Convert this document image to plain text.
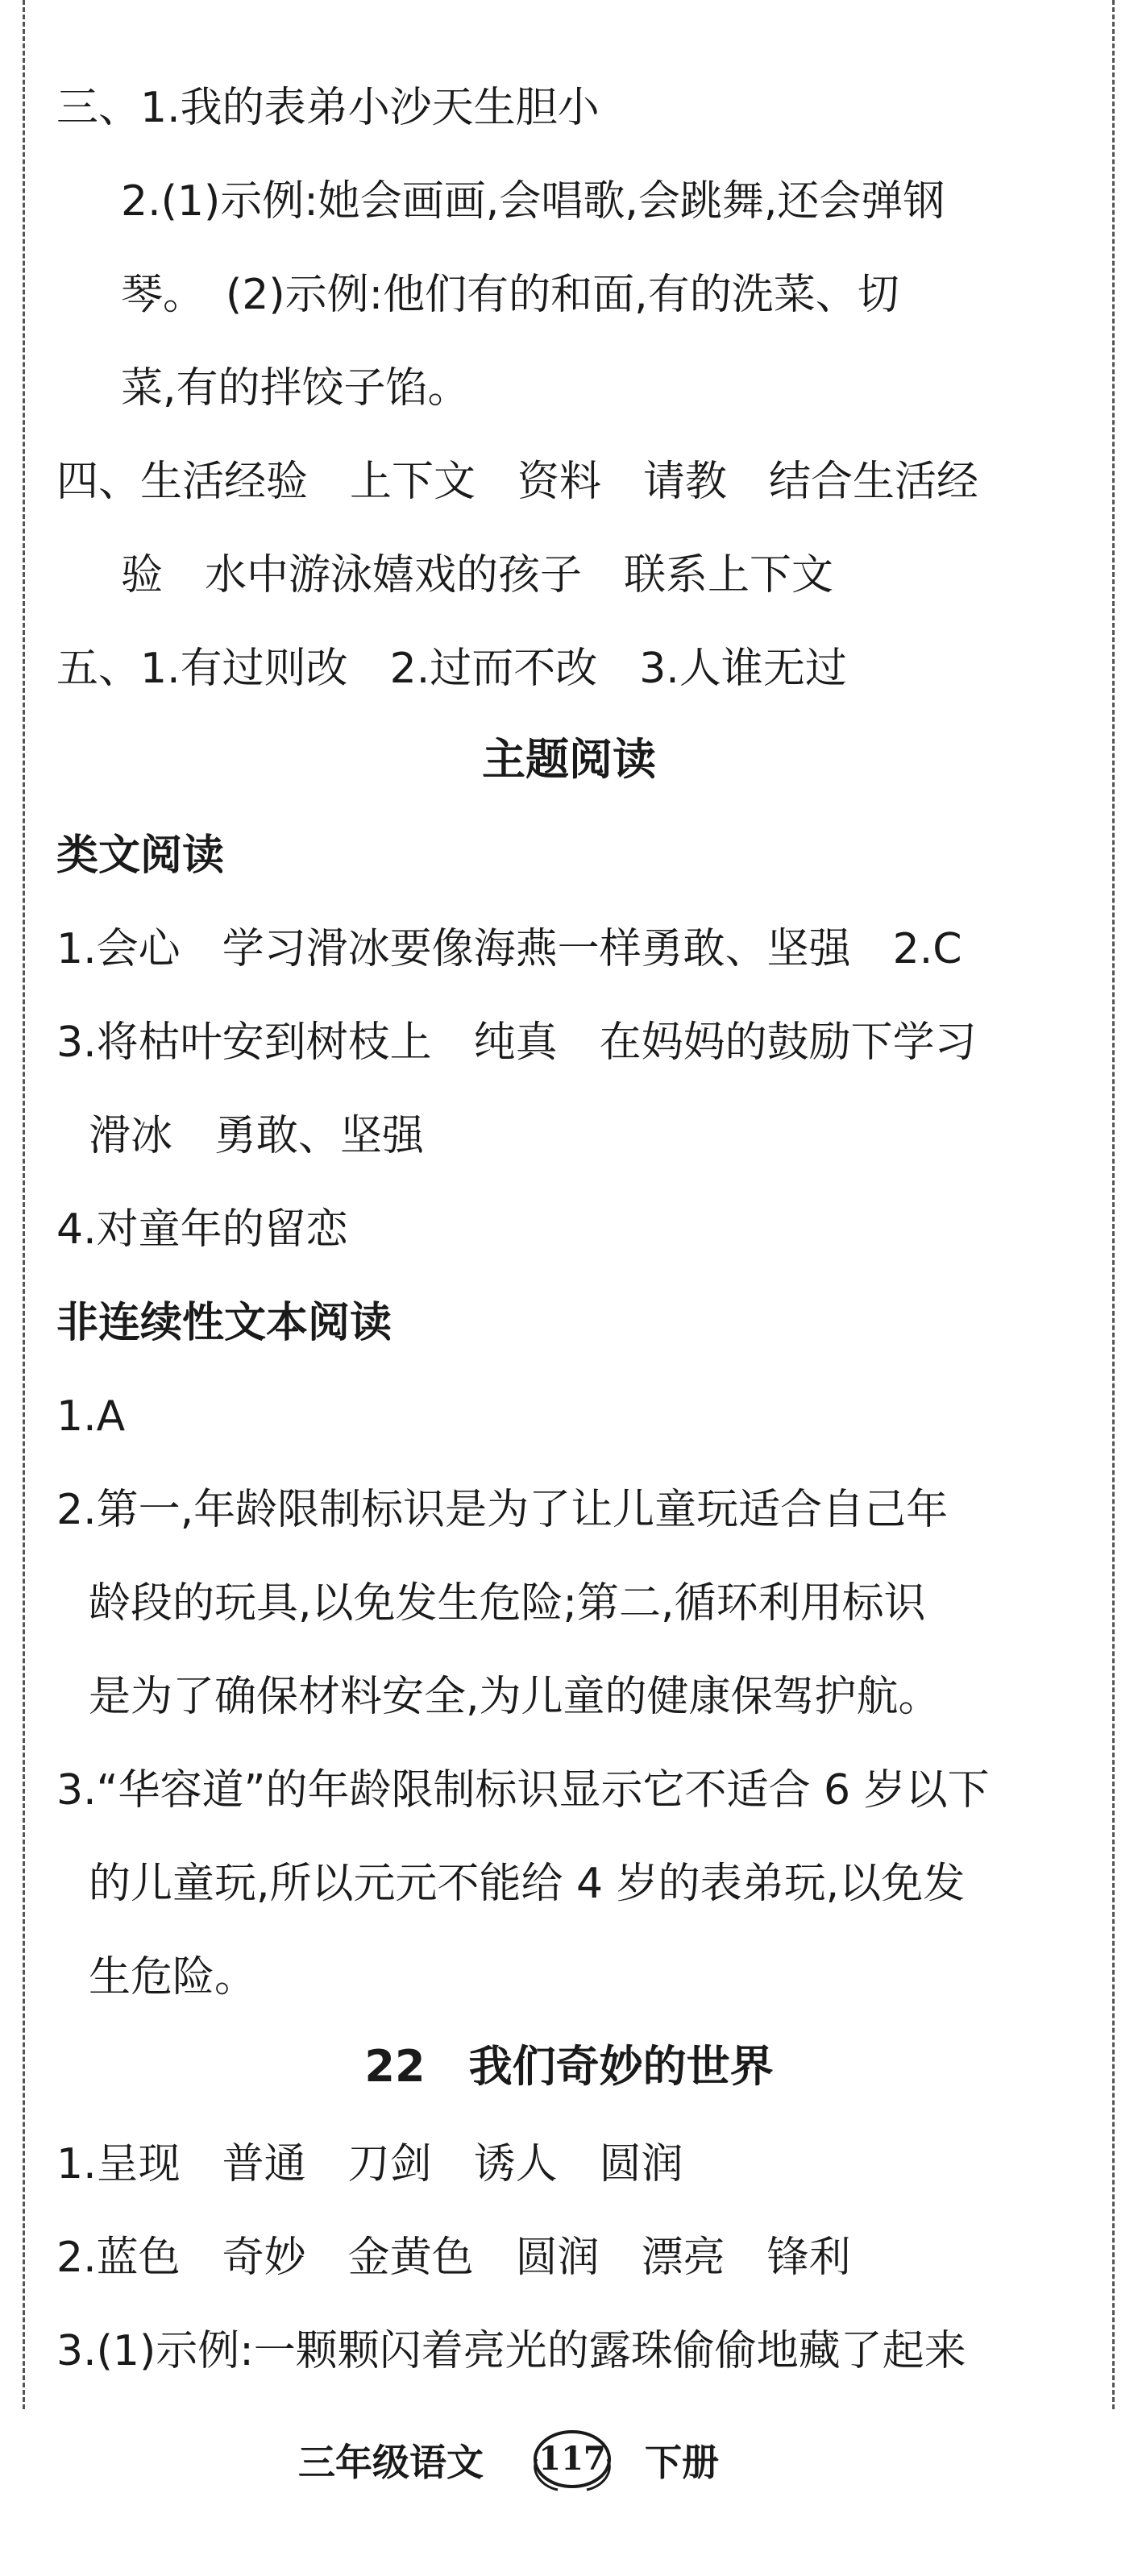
三、1.我的表弟小沙天生胆小
2.(1)示例:她会画画,会唱歌,会跳舞,还会弹钢
琴。　(2)示例:他们有的和面,有的洗菜、切
菜,有的拌饺子馅。
四、生活经验　上下文　资料　请教　结合生活经
验　水中游泳嬉戏的孩子　联系上下文
五、1.有过则改　2.过而不改　3.人谁无过
主题阅读
类文阅读
1.会心　学习滑冰要像海燕一样勇敢、坚强　2.C
3.将枯叶安到树枝上　纯真　在妈妈的鼓励下学习
滑冰　勇敢、坚强
4.对童年的留恋
非连续性文本阅读
1.A
2.第一,年龄限制标识是为了让儿童玩适合自己年
龄段的玩具,以免发生危险;第二,循环利用标识
是为了确保材料安全,为儿童的健康保驾护航。
3.“华容道”的年龄限制标识显示它不适合 6 岁以下
的儿童玩,所以元元不能给 4 岁的表弟玩,以免发
生危险。
22　我们奇妙的世界
1.呈现　普通　刀剑　诱人　圆润
2.蓝色　奇妙　金黄色　圆润　漂亮　锋利
3.(1)示例:一颗颗闪着亮光的露珠偷偷地藏了起来
三年级语文	117	下册
